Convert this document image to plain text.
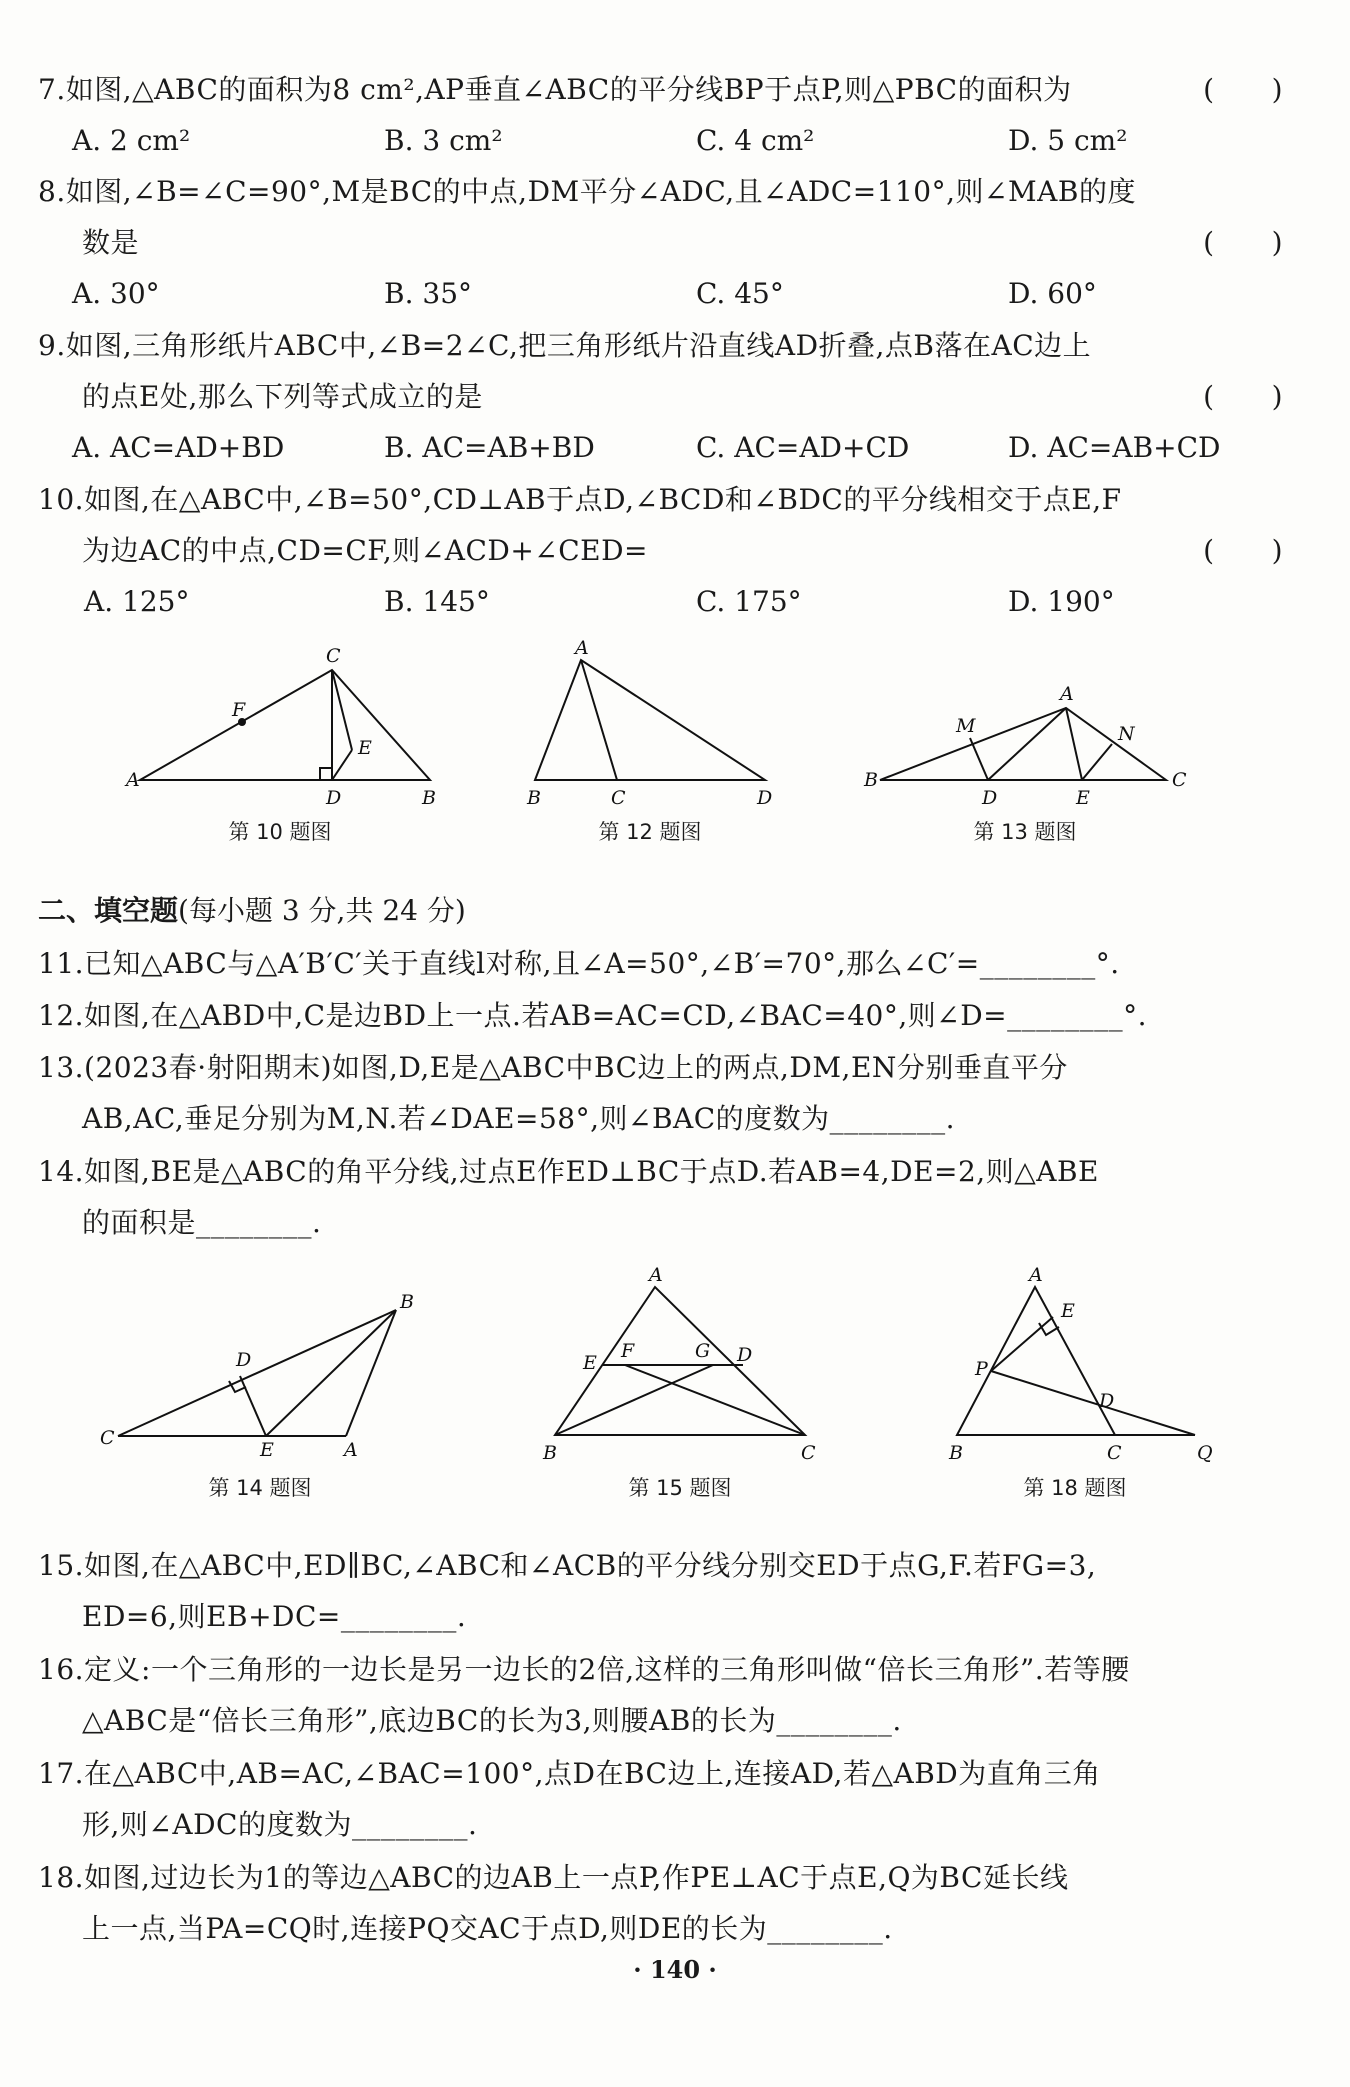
7.如图,△ABC的面积为8 cm²,AP垂直∠ABC的平分线BP于点P,则△PBC的面积为	(　　)
A. 2 cm²	B. 3 cm²	C. 4 cm²	D. 5 cm²
8.如图,∠B=∠C=90°,M是BC的中点,DM平分∠ADC,且∠ADC=110°,则∠MAB的度
数是	(　　)
A. 30°	B. 35°	C. 45°	D. 60°
9.如图,三角形纸片ABC中,∠B=2∠C,把三角形纸片沿直线AD折叠,点B落在AC边上
的点E处,那么下列等式成立的是	(　　)
A. AC=AD+BD	B. AC=AB+BD	C. AC=AD+CD	D. AC=AB+CD
10.如图,在△ABC中,∠B=50°,CD⊥AB于点D,∠BCD和∠BDC的平分线相交于点E,F
为边AC的中点,CD=CF,则∠ACD+∠CED=	(　　)
A. 125°	B. 145°	C. 175°	D. 190°
A
C
F
E
D	B
第 10 题图
A
B	C	D
第 12 题图
A
M	N
B
D	E
C
第 13 题图
二、填空题(每小题 3 分,共 24 分)
11.已知△ABC与△A′B′C′关于直线l对称,且∠A=50°,∠B′=70°,那么∠C′=________°.
12.如图,在△ABD中,C是边BD上一点.若AB=AC=CD,∠BAC=40°,则∠D=________°.
13.(2023春·射阳期末)如图,D,E是△ABC中BC边上的两点,DM,EN分别垂直平分
AB,AC,垂足分别为M,N.若∠DAE=58°,则∠BAC的度数为________.
14.如图,BE是△ABC的角平分线,过点E作ED⊥BC于点D.若AB=4,DE=2,则△ABE
的面积是________.
C
D
E	A
B
第 14 题图
A
E
F	G D
B	C
第 15 题图
A
E
P
D
B	C	Q
第 18 题图
15.如图,在△ABC中,ED∥BC,∠ABC和∠ACB的平分线分别交ED于点G,F.若FG=3,
ED=6,则EB+DC=________.
16.定义:一个三角形的一边长是另一边长的2倍,这样的三角形叫做“倍长三角形”.若等腰
△ABC是“倍长三角形”,底边BC的长为3,则腰AB的长为________.
17.在△ABC中,AB=AC,∠BAC=100°,点D在BC边上,连接AD,若△ABD为直角三角
形,则∠ADC的度数为________.
18.如图,过边长为1的等边△ABC的边AB上一点P,作PE⊥AC于点E,Q为BC延长线
上一点,当PA=CQ时,连接PQ交AC于点D,则DE的长为________.
· 140 ·
